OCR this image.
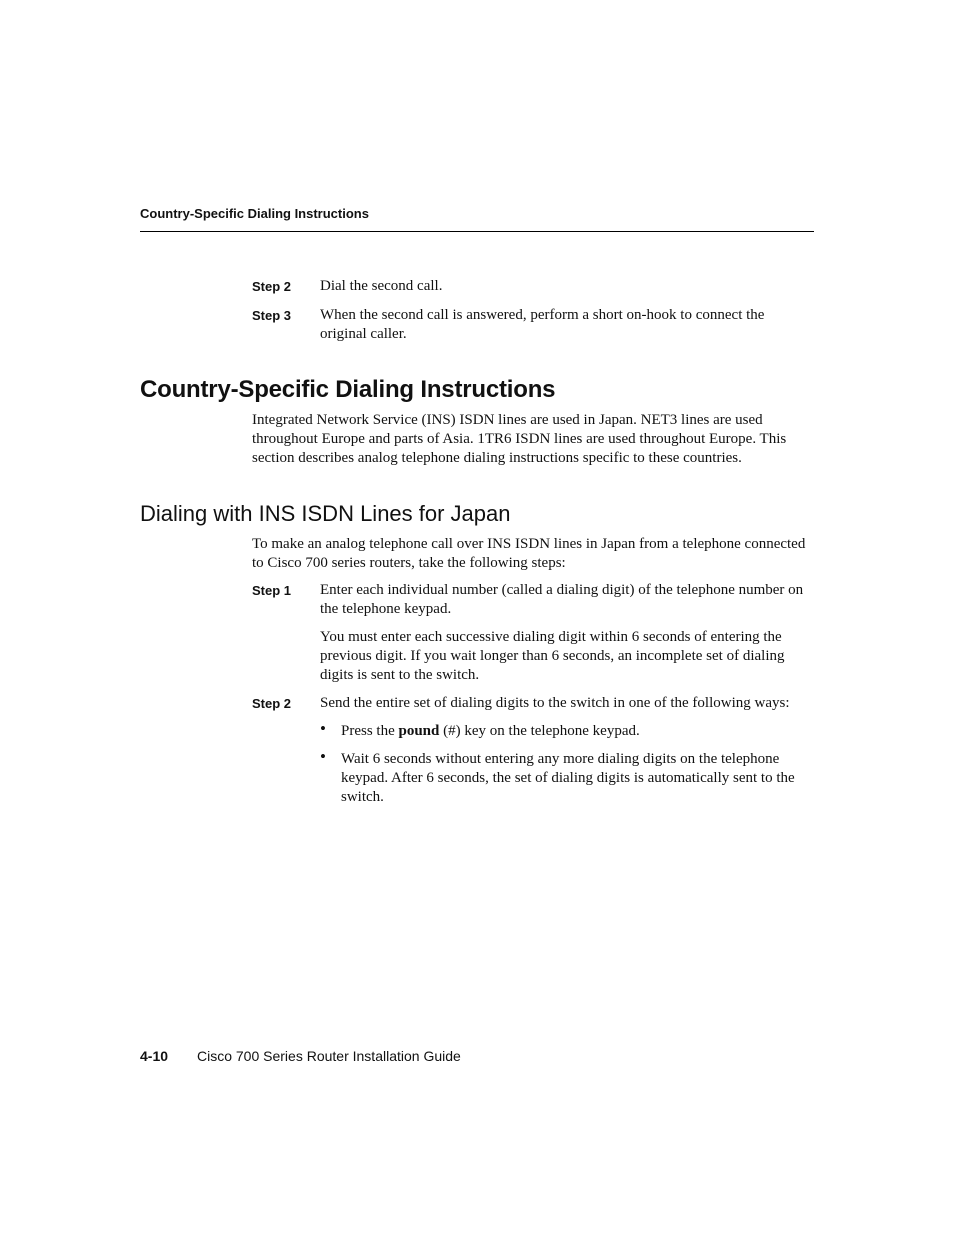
Country-Specific Dialing Instructions
Step 2 Dial the second call.
Step 3 When the second call is answered, perform a short on-hook to connect the original caller.
Country-Specific Dialing Instructions
Integrated Network Service (INS) ISDN lines are used in Japan. NET3 lines are used throughout Europe and parts of Asia. 1TR6 ISDN lines are used throughout Europe. This section describes analog telephone dialing instructions specific to these countries.
Dialing with INS ISDN Lines for Japan
To make an analog telephone call over INS ISDN lines in Japan from a telephone connected to Cisco 700 series routers, take the following steps:
Step 1 Enter each individual number (called a dialing digit) of the telephone number on the telephone keypad.
You must enter each successive dialing digit within 6 seconds of entering the previous digit. If you wait longer than 6 seconds, an incomplete set of dialing digits is sent to the switch.
Step 2 Send the entire set of dialing digits to the switch in one of the following ways:
• Press the pound (#) key on the telephone keypad.
• Wait 6 seconds without entering any more dialing digits on the telephone keypad. After 6 seconds, the set of dialing digits is automatically sent to the switch.
4-10 Cisco 700 Series Router Installation Guide
